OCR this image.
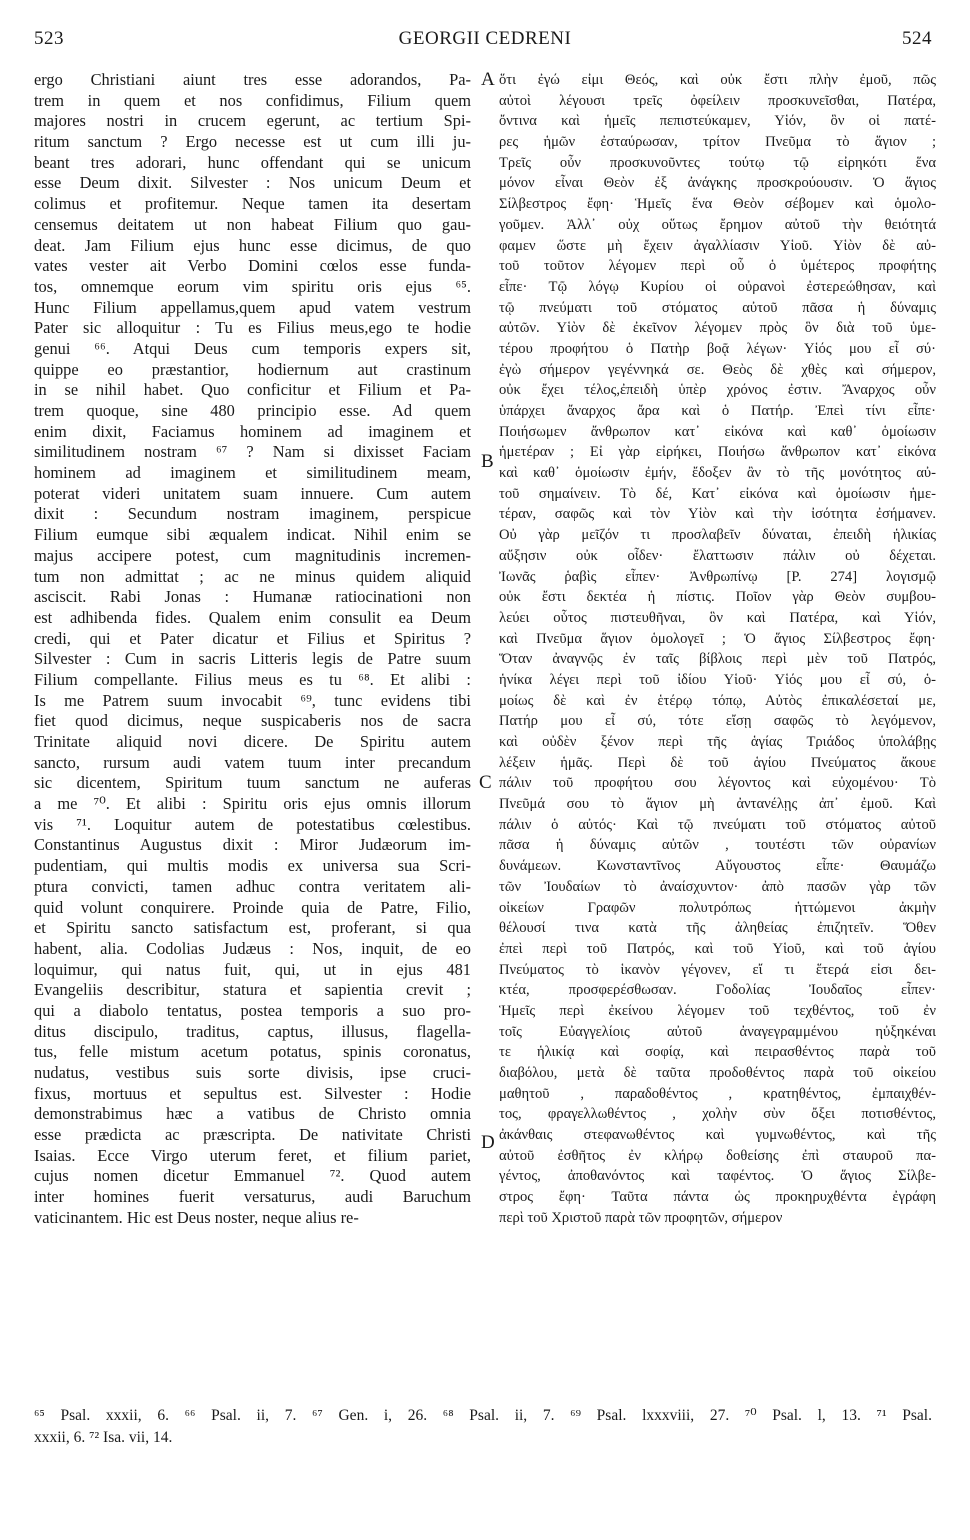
523	GEORGII CEDRENI	524
ergo Christiani aiunt tres esse adorandos, Pa-
trem in quem et nos confidimus, Filium quem
majores nostri in crucem egerunt, ac tertium Spi-
ritum sanctum ? Ergo necesse est ut cum illi ju-
beant tres adorari, hunc offendant qui se unicum
esse Deum dixit. Silvester : Nos unicum Deum et
colimus et profitemur. Neque tamen ita desertam
censemus deitatem ut non habeat Filium quo gau-
deat. Jam Filium ejus hunc esse dicimus, de quo
vates vester ait Verbo Domini cœlos esse funda-
tos, omnemque eorum vim spiritu oris ejus ⁶⁵.
Hunc Filium appellamus,quem apud vatem vestrum
Pater sic alloquitur : Tu es Filius meus,ego te hodie
genui ⁶⁶. Atqui Deus cum temporis expers sit,
quippe eo præstantior, hodiernum aut crastinum
in se nihil habet. Quo conficitur et Filium et Pa-
trem quoque, sine 480 principio esse. Ad quem
enim dixit, Faciamus hominem ad imaginem et
similitudinem nostram ⁶⁷ ? Nam si dixisset Faciam
hominem ad imaginem et similitudinem meam,
poterat videri unitatem suam innuere. Cum autem
dixit : Secundum nostram imaginem, perspicue
Filium eumque sibi æqualem indicat. Nihil enim se
majus accipere potest, cum magnitudinis incremen-
tum non admittat ; ac ne minus quidem aliquid
asciscit. Rabi Jonas : Humanæ ratiocinationi non
est adhibenda fides. Qualem enim consulit ea Deum
credi, qui et Pater dicatur et Filius et Spiritus ?
Silvester : Cum in sacris Litteris legis de Patre suum
Filium compellante. Filius meus es tu ⁶⁸. Et alibi :
Is me Patrem suum invocabit ⁶⁹, tunc evidens tibi
fiet quod dicimus, neque suspicaberis nos de sacra
Trinitate aliquid novi dicere. De Spiritu autem
sancto, rursum audi vatem tuum inter precandum
sic dicentem, Spiritum tuum sanctum ne auferas
a me ⁷⁰. Et alibi : Spiritu oris ejus omnis illorum
vis ⁷¹. Loquitur autem de potestatibus cœlestibus.
Constantinus Augustus dixit : Miror Judæorum im-
pudentiam, qui multis modis ex universa sua Scri-
ptura convicti, tamen adhuc contra veritatem ali-
quid volunt conquirere. Proinde quia de Patre, Filio,
et Spiritu sancto satisfactum est, proferant, si qua
habent, alia. Codolias Judæus : Nos, inquit, de eo
loquimur, qui natus fuit, qui, ut in ejus 481
Evangeliis describitur, statura et sapientia crevit ;
qui a diabolo tentatus, postea temporis a suo pro-
ditus discipulo, traditus, captus, illusus, flagella-
tus, felle mistum acetum potatus, spinis coronatus,
nudatus, vestibus suis sorte divisis, ipse cruci-
fixus, mortuus et sepultus est. Silvester : Hodie
demonstrabimus hæc a vatibus de Christo omnia
esse prædicta ac præscripta. De nativitate Christi
Isaias. Ecce Virgo uterum feret, et filium pariet,
cujus nomen dicetur Emmanuel ⁷². Quod autem
inter homines fuerit versaturus, audi Baruchum
vaticinantem. Hic est Deus noster, neque alius re-
A
B
C
D
ὅτι ἐγώ εἰμι Θεός, καὶ οὐκ ἔστι πλὴν ἐμοῦ, πῶς
αὐτοὶ λέγουσι τρεῖς ὀφείλειν προσκυνεῖσθαι, Πατέρα,
ὄντινα καὶ ἡμεῖς πεπιστεύκαμεν, Υἱόν, ὃν οἱ πατέ-
ρες ἡμῶν ἐσταύρωσαν, τρίτον Πνεῦμα τὸ ἅγιον ;
Τρεῖς οὖν προσκυνοῦντες τούτῳ τῷ εἰρηκότι ἕνα
μόνον εἶναι Θεὸν ἐξ ἀνάγκης προσκρούουσιν. Ὁ ἅγιος
Σίλβεστρος ἔφη· Ἡμεῖς ἕνα Θεὸν σέβομεν καὶ ὁμολο-
γοῦμεν. Ἀλλ᾽ οὐχ οὕτως ἔρημον αὐτοῦ τὴν θειότητά
φαμεν ὥστε μὴ ἔχειν ἀγαλλίασιν Υἱοῦ. Υἱὸν δὲ αὐ-
τοῦ τοῦτον λέγομεν περὶ οὗ ὁ ὑμέτερος προφήτης
εἶπε· Τῷ λόγῳ Κυρίου οἱ οὐρανοὶ ἐστερεώθησαν, καὶ
τῷ πνεύματι τοῦ στόματος αὐτοῦ πᾶσα ἡ δύναμις
αὐτῶν. Υἱὸν δὲ ἐκεῖνον λέγομεν πρὸς ὃν διὰ τοῦ ὑμε-
τέρου προφήτου ὁ Πατὴρ βοᾷ λέγων· Υἱός μου εἶ σύ·
ἐγὼ σήμερον γεγέννηκά σε. Θεὸς δὲ χθὲς καὶ σήμερον,
οὐκ ἔχει τέλος,ἐπειδὴ ὑπὲρ χρόνος ἐστιν. Ἄναρχος οὖν
ὑπάρχει ἄναρχος ἄρα καὶ ὁ Πατήρ. Ἐπεὶ τίνι εἶπε·
Ποιήσωμεν ἄνθρωπον κατ᾽ εἰκόνα καὶ καθ᾽ ὁμοίωσιν
ἡμετέραν ; Εἰ γὰρ εἰρήκει, Ποιήσω ἄνθρωπον κατ᾽ εἰκόνα
καὶ καθ᾽ ὁμοίωσιν ἐμήν, ἔδοξεν ἂν τὸ τῆς μονότητος αὐ-
τοῦ σημαίνειν. Τὸ δέ, Κατ᾽ εἰκόνα καὶ ὁμοίωσιν ἡμε-
τέραν, σαφῶς καὶ τὸν Υἱὸν καὶ τὴν ἰσότητα ἐσήμανεν.
Οὐ γὰρ μεῖζόν τι προσλαβεῖν δύναται, ἐπειδὴ ἡλικίας
αὔξησιν οὐκ οἶδεν· ἔλαττωσιν πάλιν οὐ δέχεται.
Ἰωνᾶς ῥαβὶς εἶπεν· Ἀνθρωπίνῳ [P. 274] λογισμῷ
οὐκ ἔστι δεκτέα ἡ πίστις. Ποῖον γὰρ Θεὸν συμβου-
λεύει οὗτος πιστευθῆναι, ὃν καὶ Πατέρα, καὶ Υἱόν,
καὶ Πνεῦμα ἅγιον ὁμολογεῖ ; Ὁ ἅγιος Σίλβεστρος ἔφη·
Ὅταν ἀναγνῷς ἐν ταῖς βίβλοις περὶ μὲν τοῦ Πατρός,
ἡνίκα λέγει περὶ τοῦ ἰδίου Υἱοῦ· Υἱός μου εἶ σύ, ὁ-
μοίως δὲ καὶ ἐν ἑτέρῳ τόπῳ, Αὐτὸς ἐπικαλέσεταί με,
Πατήρ μου εἶ σύ, τότε εἴσῃ σαφῶς τὸ λεγόμενον,
καὶ οὐδὲν ξένον περὶ τῆς ἁγίας Τριάδος ὑπολάβῃς
λέξειν ἡμᾶς. Περὶ δὲ τοῦ ἁγίου Πνεύματος ἄκουε
πάλιν τοῦ προφήτου σου λέγοντος καὶ εὐχομένου· Τὸ
Πνεῦμά σου τὸ ἅγιον μὴ ἀντανέλῃς ἀπ᾽ ἐμοῦ. Καὶ
πάλιν ὁ αὐτός· Καὶ τῷ πνεύματι τοῦ στόματος αὐτοῦ
πᾶσα ἡ δύναμις αὐτῶν , τουτέστι τῶν οὐρανίων
δυνάμεων. Κωνσταντῖνος Αὔγουστος εἶπε· Θαυμάζω
τῶν Ἰουδαίων τὸ ἀναίσχυντον· ἀπὸ πασῶν γὰρ τῶν
οἰκείων Γραφῶν πολυτρόπως ἡττώμενοι ἀκμὴν
θέλουσί τινα κατὰ τῆς ἀληθείας ἐπιζητεῖν. Ὅθεν
ἐπεὶ περὶ τοῦ Πατρός, καὶ τοῦ Υἱοῦ, καὶ τοῦ ἁγίου
Πνεύματος τὸ ἱκανὸν γέγονεν, εἴ τι ἕτερά εἰσι δει-
κτέα, προσφερέσθωσαν. Γοδολίας Ἰουδαῖος εἶπεν·
Ἡμεῖς περὶ ἐκείνου λέγομεν τοῦ τεχθέντος, τοῦ ἐν
τοῖς Εὐαγγελίοις αὐτοῦ ἀναγεγραμμένου ηὐξηκέναι
τε ἡλικίᾳ καὶ σοφίᾳ, καὶ πειρασθέντος παρὰ τοῦ
διαβόλου, μετὰ δὲ ταῦτα προδοθέντος παρὰ τοῦ οἰκείου
μαθητοῦ , παραδοθέντος , κρατηθέντος, ἐμπαιχθέν-
τος, φραγελλωθέντος , χολὴν σὺν ὄξει ποτισθέντος,
ἀκάνθαις στεφανωθέντος καὶ γυμνωθέντος, καὶ τῆς
αὐτοῦ ἐσθῆτος ἐν κλήρῳ δοθείσης ἐπὶ σταυροῦ πα-
γέντος, ἀποθανόντος καὶ ταφέντος. Ὁ ἅγιος Σίλβε-
στρος ἔφη· Ταῦτα πάντα ὡς προκηρυχθέντα ἐγράφη
περὶ τοῦ Χριστοῦ παρὰ τῶν προφητῶν, σήμερον
⁶⁵ Psal. xxxii, 6. ⁶⁶ Psal. ii, 7. ⁶⁷ Gen. i, 26. ⁶⁸ Psal. ii, 7. ⁶⁹ Psal. lxxxviii, 27. ⁷⁰ Psal. l, 13. ⁷¹ Psal.
xxxii, 6. ⁷² Isa. vii, 14.
